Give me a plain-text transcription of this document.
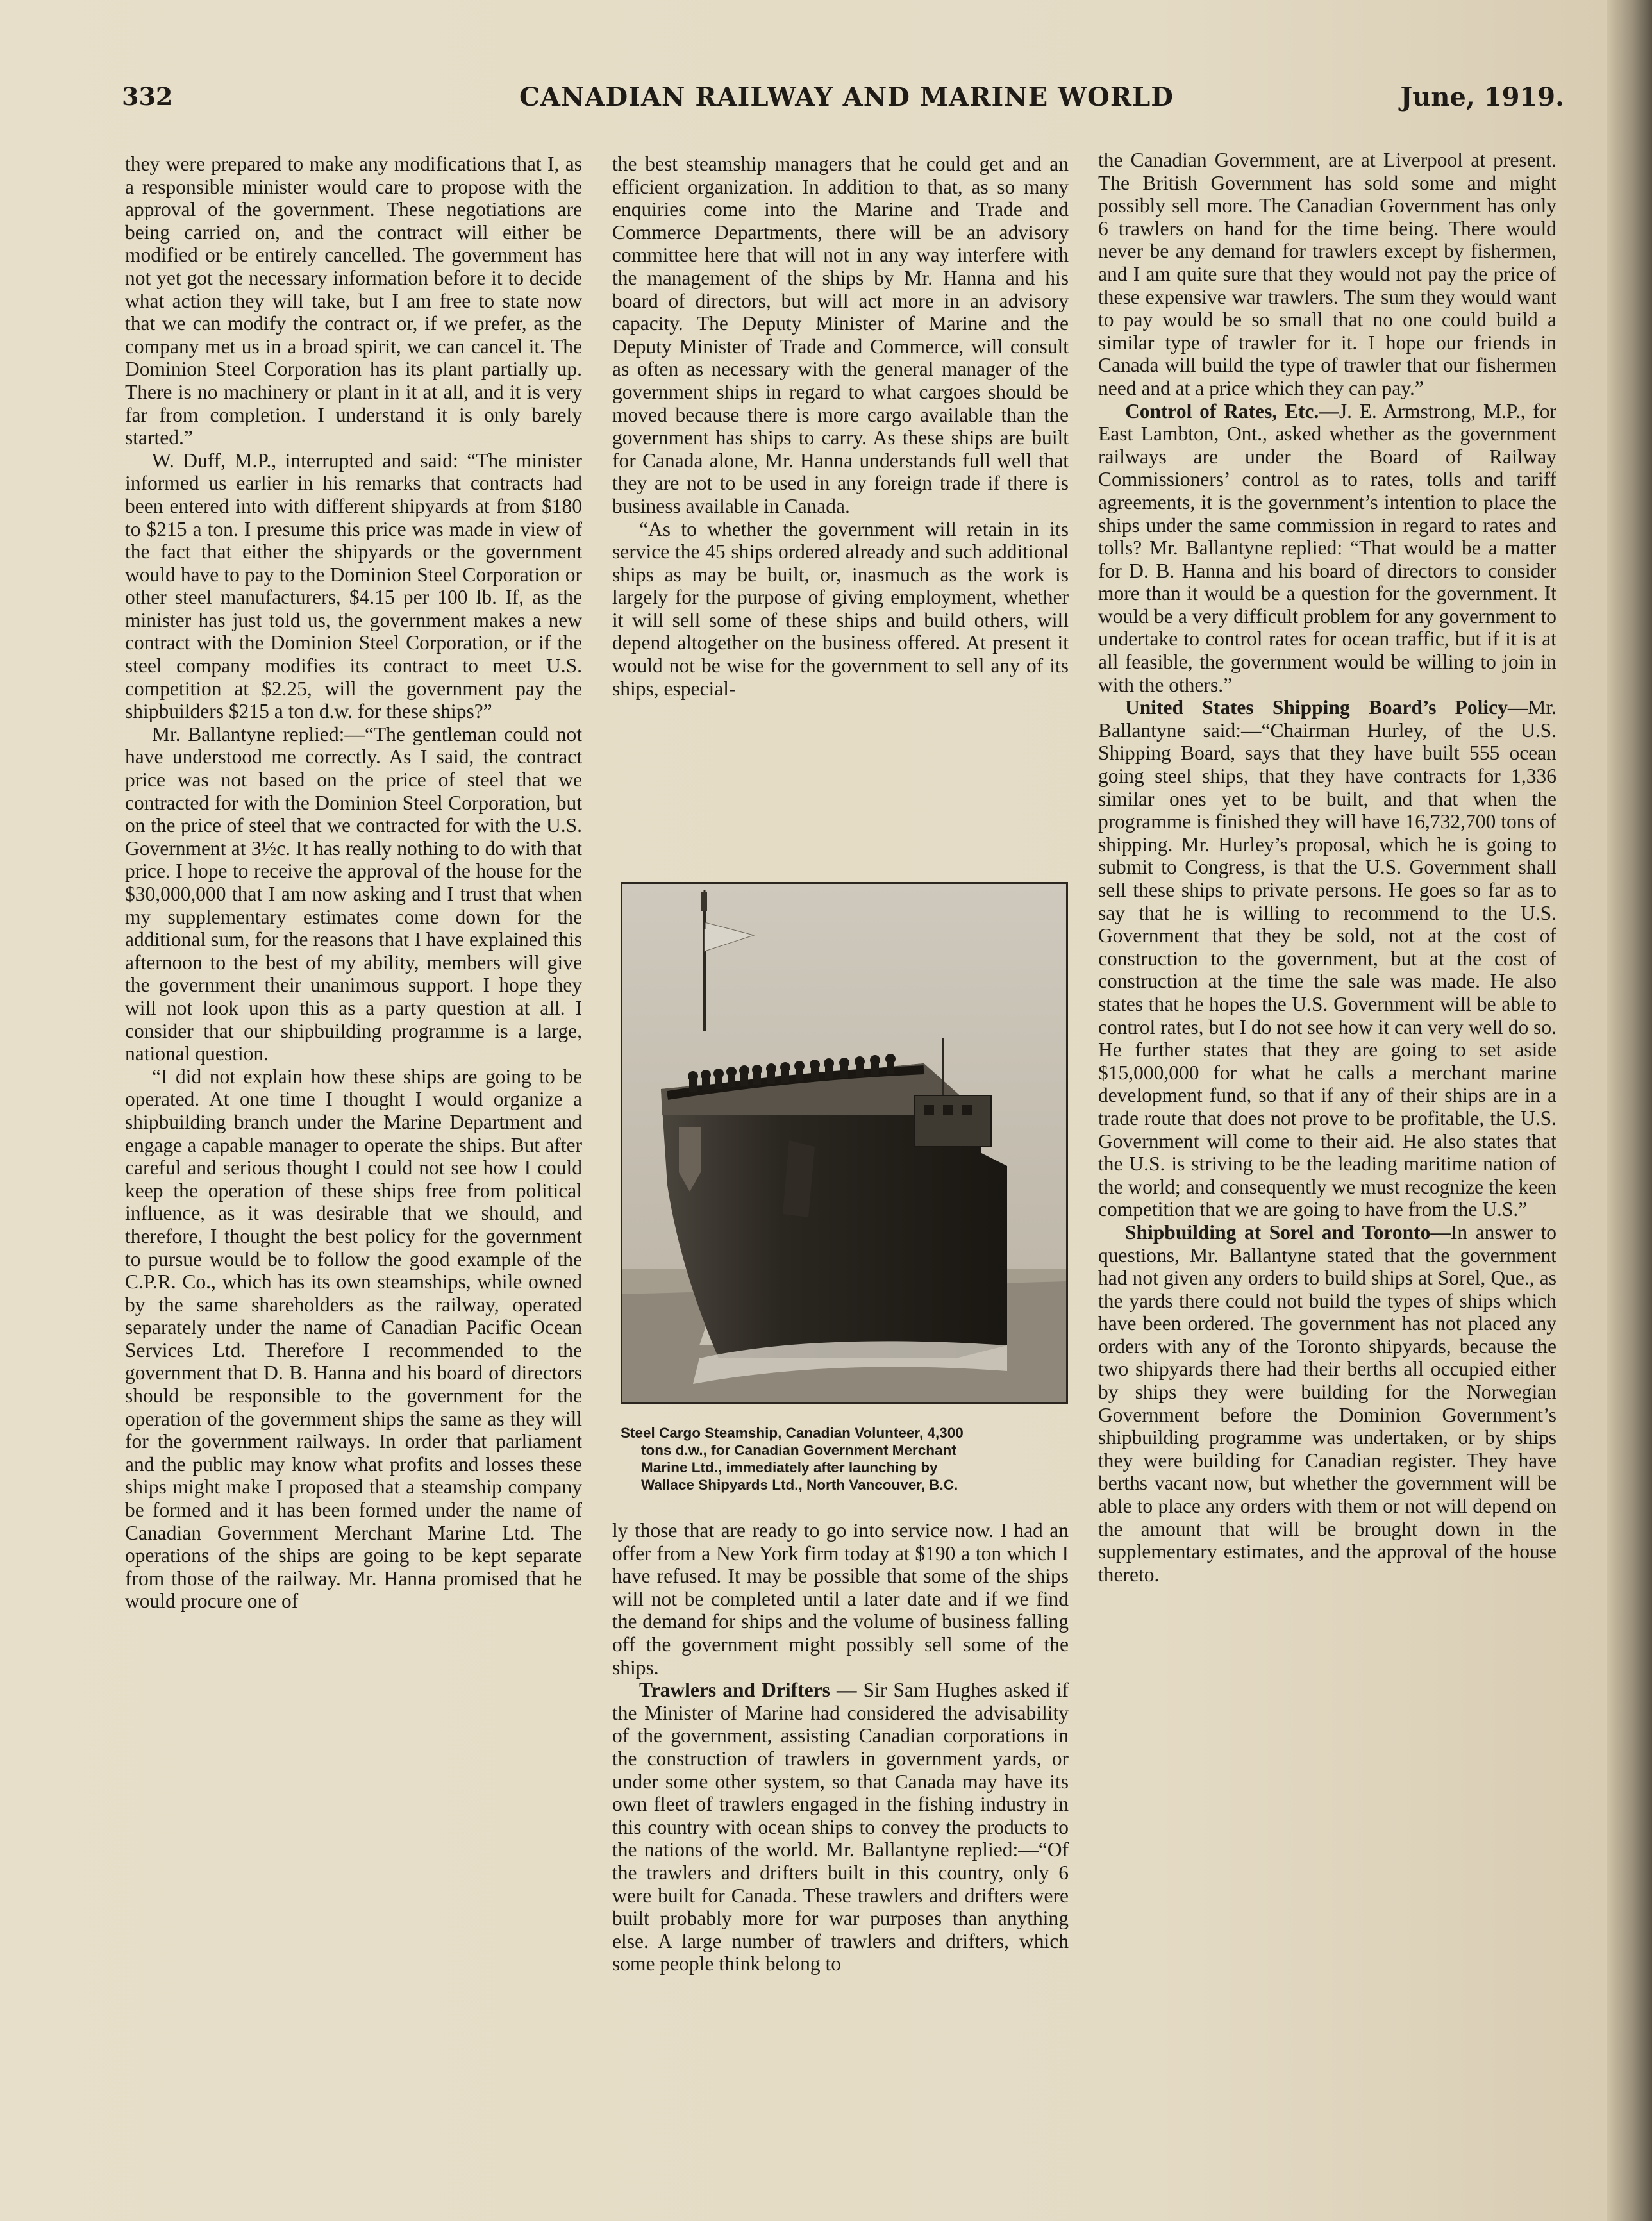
332	CANADIAN RAILWAY AND MARINE WORLD	June, 1919.

they were prepared to make any modifications that I, as a responsible minister would care to propose with the approval of the government. These negotiations are being carried on, and the contract will either be modified or be entirely cancelled. The government has not yet got the necessary information before it to decide what action they will take, but I am free to state now that we can modify the contract or, if we prefer, as the company met us in a broad spirit, we can cancel it. The Dominion Steel Corporation has its plant partially up. There is no machinery or plant in it at all, and it is very far from completion. I understand it is only barely started.”

W. Duff, M.P., interrupted and said: “The minister informed us earlier in his remarks that contracts had been entered into with different shipyards at from $180 to $215 a ton. I presume this price was made in view of the fact that either the shipyards or the government would have to pay to the Dominion Steel Corporation or other steel manufacturers, $4.15 per 100 lb. If, as the minister has just told us, the government makes a new contract with the Dominion Steel Corporation, or if the steel company modifies its contract to meet U.S. competition at $2.25, will the government pay the shipbuilders $215 a ton d.w. for these ships?”

Mr. Ballantyne replied:—“The gentleman could not have understood me correctly. As I said, the contract price was not based on the price of steel that we contracted for with the Dominion Steel Corporation, but on the price of steel that we contracted for with the U.S. Government at 3½c. It has really nothing to do with that price. I hope to receive the approval of the house for the $30,000,000 that I am now asking and I trust that when my supplementary estimates come down for the additional sum, for the reasons that I have explained this afternoon to the best of my ability, members will give the government their unanimous support. I hope they will not look upon this as a party question at all. I consider that our shipbuilding programme is a large, national question.

“I did not explain how these ships are going to be operated. At one time I thought I would organize a shipbuilding branch under the Marine Department and engage a capable manager to operate the ships. But after careful and serious thought I could not see how I could keep the operation of these ships free from political influence, as it was desirable that we should, and therefore, I thought the best policy for the government to pursue would be to follow the good example of the C.P.R. Co., which has its own steamships, while owned by the same shareholders as the railway, operated separately under the name of Canadian Pacific Ocean Services Ltd. Therefore I recommended to the government that D. B. Hanna and his board of directors should be responsible to the government for the operation of the government ships the same as they will for the government railways. In order that parliament and the public may know what profits and losses these ships might make I proposed that a steamship company be formed and it has been formed under the name of Canadian Government Merchant Marine Ltd. The operations of the ships are going to be kept separate from those of the railway. Mr. Hanna promised that he would procure one of

the best steamship managers that he could get and an efficient organization. In addition to that, as so many enquiries come into the Marine and Trade and Commerce Departments, there will be an advisory committee here that will not in any way interfere with the management of the ships by Mr. Hanna and his board of directors, but will act more in an advisory capacity. The Deputy Minister of Marine and the Deputy Minister of Trade and Commerce, will consult as often as necessary with the general manager of the government ships in regard to what cargoes should be moved because there is more cargo available than the government has ships to carry. As these ships are built for Canada alone, Mr. Hanna understands full well that they are not to be used in any foreign trade if there is business available in Canada.

“As to whether the government will retain in its service the 45 ships ordered already and such additional ships as may be built, or, inasmuch as the work is largely for the purpose of giving employment, whether it will sell some of these ships and build others, will depend altogether on the business offered. At present it would not be wise for the government to sell any of its ships, especial-

Steel Cargo Steamship, Canadian Volunteer, 4,300
tons d.w., for Canadian Government Merchant
Marine Ltd., immediately after launching by
Wallace Shipyards Ltd., North Vancouver, B.C.

ly those that are ready to go into service now. I had an offer from a New York firm today at $190 a ton which I have refused. It may be possible that some of the ships will not be completed until a later date and if we find the demand for ships and the volume of business falling off the government might possibly sell some of the ships.

Trawlers and Drifters — Sir Sam Hughes asked if the Minister of Marine had considered the advisability of the government, assisting Canadian corporations in the construction of trawlers in government yards, or under some other system, so that Canada may have its own fleet of trawlers engaged in the fishing industry in this country with ocean ships to convey the products to the nations of the world. Mr. Ballantyne replied:—“Of the trawlers and drifters built in this country, only 6 were built for Canada. These trawlers and drifters were built probably more for war purposes than anything else. A large number of trawlers and drifters, which some people think belong to

the Canadian Government, are at Liverpool at present. The British Government has sold some and might possibly sell more. The Canadian Government has only 6 trawlers on hand for the time being. There would never be any demand for trawlers except by fishermen, and I am quite sure that they would not pay the price of these expensive war trawlers. The sum they would want to pay would be so small that no one could build a similar type of trawler for it. I hope our friends in Canada will build the type of trawler that our fishermen need and at a price which they can pay.”

Control of Rates, Etc.—J. E. Armstrong, M.P., for East Lambton, Ont., asked whether as the government railways are under the Board of Railway Commissioners’ control as to rates, tolls and tariff agreements, it is the government’s intention to place the ships under the same commission in regard to rates and tolls? Mr. Ballantyne replied: “That would be a matter for D. B. Hanna and his board of directors to consider more than it would be a question for the government. It would be a very difficult problem for any government to undertake to control rates for ocean traffic, but if it is at all feasible, the government would be willing to join in with the others.”

United States Shipping Board’s Policy—Mr. Ballantyne said:—“Chairman Hurley, of the U.S. Shipping Board, says that they have built 555 ocean going steel ships, that they have contracts for 1,336 similar ones yet to be built, and that when the programme is finished they will have 16,732,700 tons of shipping. Mr. Hurley’s proposal, which he is going to submit to Congress, is that the U.S. Government shall sell these ships to private persons. He goes so far as to say that he is willing to recommend to the U.S. Government that they be sold, not at the cost of construction to the government, but at the cost of construction at the time the sale was made. He also states that he hopes the U.S. Government will be able to control rates, but I do not see how it can very well do so. He further states that they are going to set aside $15,000,000 for what he calls a merchant marine development fund, so that if any of their ships are in a trade route that does not prove to be profitable, the U.S. Government will come to their aid. He also states that the U.S. is striving to be the leading maritime nation of the world; and consequently we must recognize the keen competition that we are going to have from the U.S.”

Shipbuilding at Sorel and Toronto—In answer to questions, Mr. Ballantyne stated that the government had not given any orders to build ships at Sorel, Que., as the yards there could not build the types of ships which have been ordered. The government has not placed any orders with any of the Toronto shipyards, because the two shipyards there had their berths all occupied either by ships they were building for the Norwegian Government before the Dominion Government’s shipbuilding programme was undertaken, or by ships they were building for Canadian register. They have berths vacant now, but whether the government will be able to place any orders with them or not will depend on the amount that will be brought down in the supplementary estimates, and the approval of the house thereto.
